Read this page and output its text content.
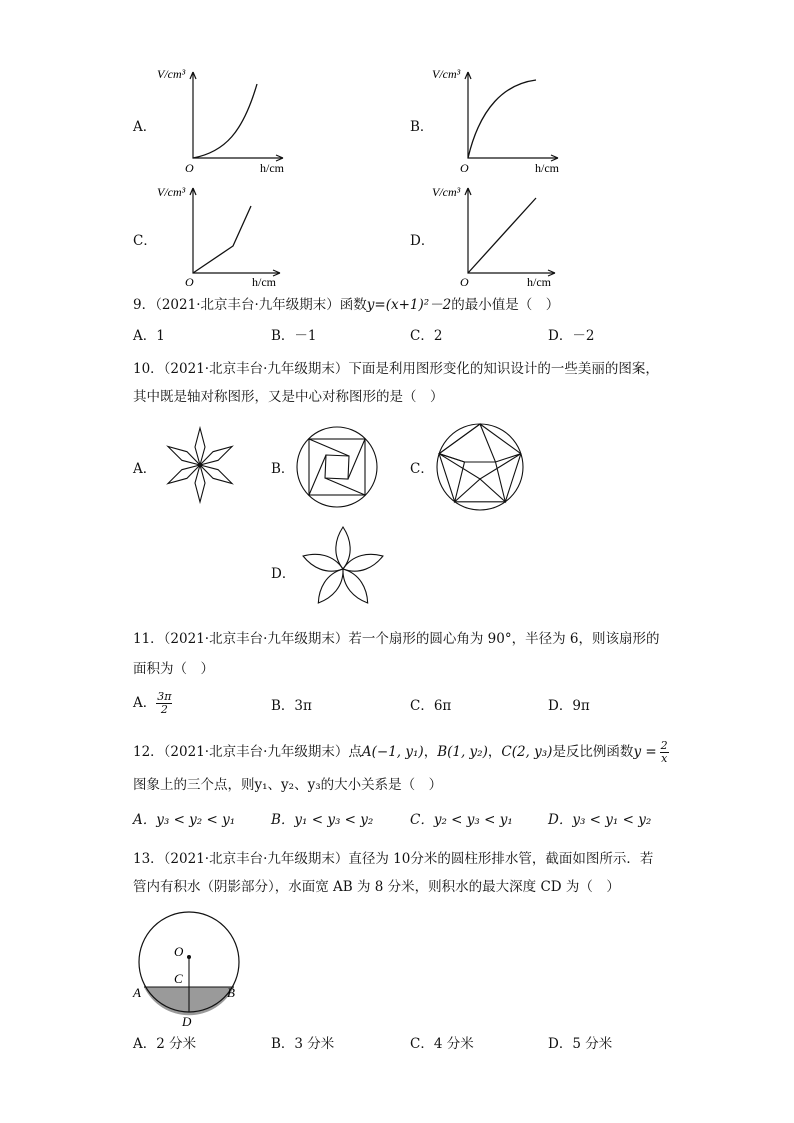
A．
V/cm³
O	h/cm
B．
V/cm³
O	h/cm
C．
V/cm³
O	h/cm
D．
V/cm³
O	h/cm
9．（2021·北京丰台·九年级期末）函数y=(x+1)²－2的最小值是（　）
A．1	B．－1	C．2	D．－2
10．（2021·北京丰台·九年级期末）下面是利用图形变化的知识设计的一些美丽的图案，
其中既是轴对称图形，又是中心对称图形的是（　）
A．	B．	C．
D．
11．（2021·北京丰台·九年级期末）若一个扇形的圆心角为 90°，半径为 6，则该扇形的
面积为（　）
A． $\frac{3\pi}{2}$	B．3π	C．6π	D．9π
12．（2021·北京丰台·九年级期末）点A(−1, y₁)，B(1, y₂)，C(2, y₃)是反比例函数$y = \frac{2}{x}$
图象上的三个点，则y₁、y₂、y₃的大小关系是（　）
A．y₃ < y₂ < y₁	B．y₁ < y₃ < y₂	C．y₂ < y₃ < y₁	D．y₃ < y₁ < y₂
13．（2021·北京丰台·九年级期末）直径为 10分米的圆柱形排水管，截面如图所示．若
管内有积水（阴影部分），水面宽 AB 为 8 分米，则积水的最大深度 CD 为（　）
O
C
A	B
D
A．2 分米	B．3 分米	C．4 分米	D．5 分米
